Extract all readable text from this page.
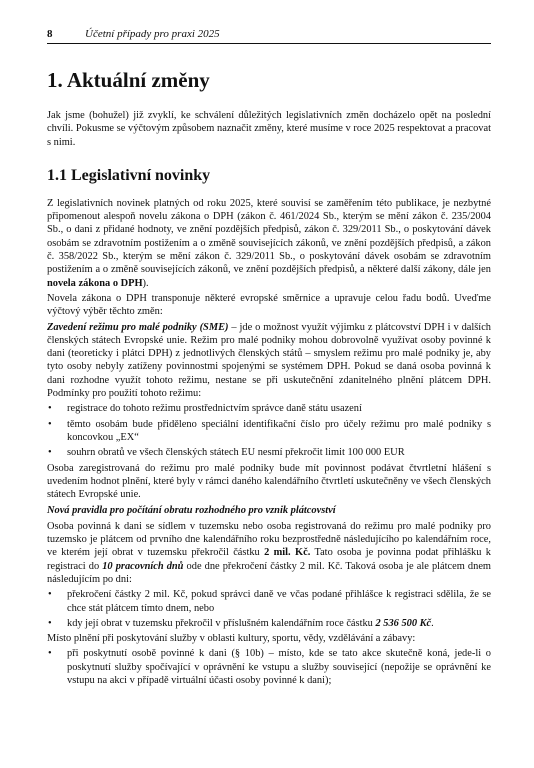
8	Účetní případy pro praxi 2025
1. Aktuální změny

Jak jsme (bohužel) již zvyklí, ke schválení důležitých legislativních změn docházelo opět na poslední chvíli. Pokusme se výčtovým způsobem naznačit změny, které musíme v roce 2025 respektovat a pracovat s nimi.

1.1 Legislativní novinky

Z legislativních novinek platných od roku 2025, které souvisí se zaměřením této publikace, je nezbytné připomenout alespoň novelu zákona o DPH (zákon č. 461/2024 Sb., kterým se mění zákon č. 235/2004 Sb., o dani z přidané hodnoty, ve znění pozdějších předpisů, zákon č. 329/2011 Sb., o poskytování dávek osobám se zdravotním postižením a o změně souvisejících zákonů, ve znění pozdějších předpisů, a zákon č. 358/2022 Sb., kterým se mění zákon č. 329/2011 Sb., o poskytování dávek osobám se zdravotním postižením a o změně souvisejících zákonů, ve znění pozdějších předpisů, a některé další zákony, dále jen novela zákona o DPH).

Novela zákona o DPH transponuje některé evropské směrnice a upravuje celou řadu bodů. Uveďme výčtový výběr těchto změn:

Zavedení režimu pro malé podniky (SME) – jde o možnost využít výjimku z plátcovství DPH i v dalších členských státech Evropské unie. Režim pro malé podniky mohou dobrovolně využívat osoby povinné k dani (teoreticky i plátci DPH) z jednotlivých členských států – smyslem režimu pro malé podniky je, aby tyto osoby nebyly zatíženy povinnostmi spojenými se systémem DPH. Pokud se daná osoba povinná k dani rozhodne využít tohoto režimu, nestane se při uskutečnění zdanitelného plnění plátcem DPH. Podmínky pro použití tohoto režimu:

• registrace do tohoto režimu prostřednictvím správce daně státu usazení
• těmto osobám bude přiděleno speciální identifikační číslo pro účely režimu pro malé podniky s koncovkou „EX“
• souhrn obratů ve všech členských státech EU nesmí překročit limit 100 000 EUR

Osoba zaregistrovaná do režimu pro malé podniky bude mít povinnost podávat čtvrtletní hlášení s uvedením hodnot plnění, které byly v rámci daného kalendářního čtvrtletí uskutečněny ve všech členských státech Evropské unie.

Nová pravidla pro počítání obratu rozhodného pro vznik plátcovství

Osoba povinná k dani se sídlem v tuzemsku nebo osoba registrovaná do režimu pro malé podniky pro tuzemsko je plátcem od prvního dne kalendářního roku bezprostředně následujícího po kalendářním roce, ve kterém její obrat v tuzemsku překročil částku 2 mil. Kč. Tato osoba je povinna podat přihlášku k registraci do 10 pracovních dnů ode dne překročení částky 2 mil. Kč. Taková osoba je ale plátcem dnem následujícím po dni:

• překročení částky 2 mil. Kč, pokud správci daně ve včas podané přihlášce k registraci sdělila, že se chce stát plátcem tímto dnem, nebo
• kdy její obrat v tuzemsku překročil v příslušném kalendářním roce částku 2 536 500 Kč.

Místo plnění při poskytování služby v oblasti kultury, sportu, vědy, vzdělávání a zábavy:

• při poskytnutí osobě povinné k dani (§ 10b) – místo, kde se tato akce skutečně koná, jede-li o poskytnutí služby spočívající v oprávnění ke vstupu a služby související (nepožije se oprávnění ke vstupu na akci v případě virtuální účasti osoby povinné k dani);
